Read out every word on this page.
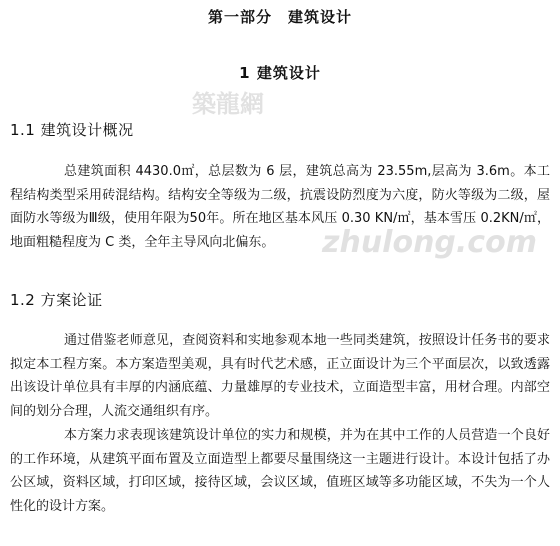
築龍網
zhulong.com
第一部分　建筑设计
1 建筑设计
1.1 建筑设计概况

总建筑面积 4430.0㎡，总层数为 6 层，建筑总高为 23.55m,层高为 3.6m。本工程结构类型采用砖混结构。结构安全等级为二级，抗震设防烈度为六度，防火等级为二级，屋面防水等级为Ⅲ级，使用年限为50年。所在地区基本风压 0.30 KN/㎡，基本雪压 0.2KN/㎡，地面粗糙程度为 C 类，全年主导风向北偏东。

1.2 方案论证

通过借鉴老师意见，查阅资料和实地参观本地一些同类建筑，按照设计任务书的要求拟定本工程方案。本方案造型美观，具有时代艺术感，正立面设计为三个平面层次，以致透露出该设计单位具有丰厚的内涵底蕴、力量雄厚的专业技术，立面造型丰富，用材合理。内部空间的划分合理，人流交通组织有序。

本方案力求表现该建筑设计单位的实力和规模，并为在其中工作的人员营造一个良好的工作环境，从建筑平面布置及立面造型上都要尽量围绕这一主题进行设计。本设计包括了办公区域，资料区域，打印区域，接待区域，会议区域，值班区域等多功能区域，不失为一个人性化的设计方案。
